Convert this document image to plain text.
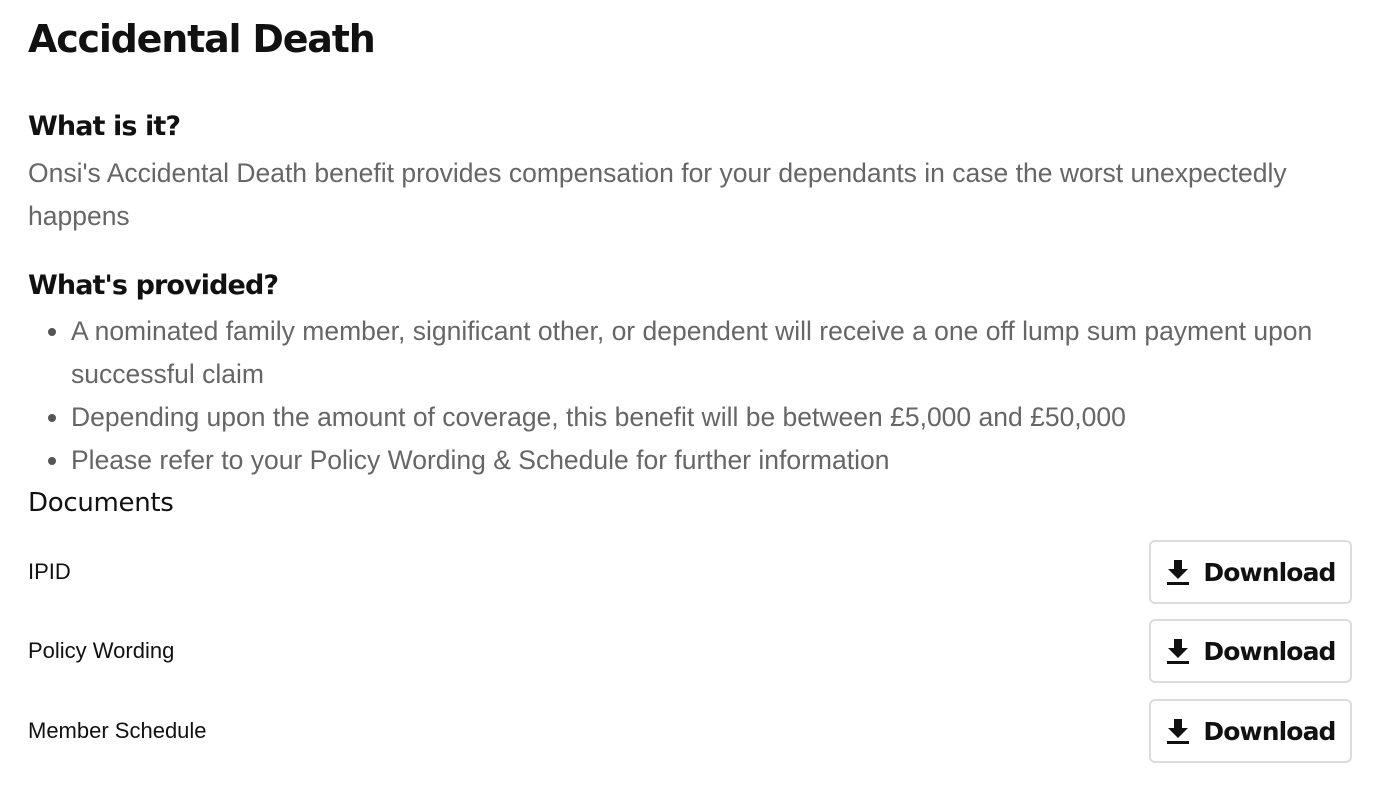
Accidental Death
What is it?

Onsi's Accidental Death benefit provides compensation for your dependants in case the worst unexpectedly happens

What's provided?
• A nominated family member, significant other, or dependent will receive a one off lump sum payment upon successful claim
• Depending upon the amount of coverage, this benefit will be between £5,000 and £50,000
• Please refer to your Policy Wording & Schedule for further information
Documents
IPID	Download
Policy Wording	Download
Member Schedule	Download
